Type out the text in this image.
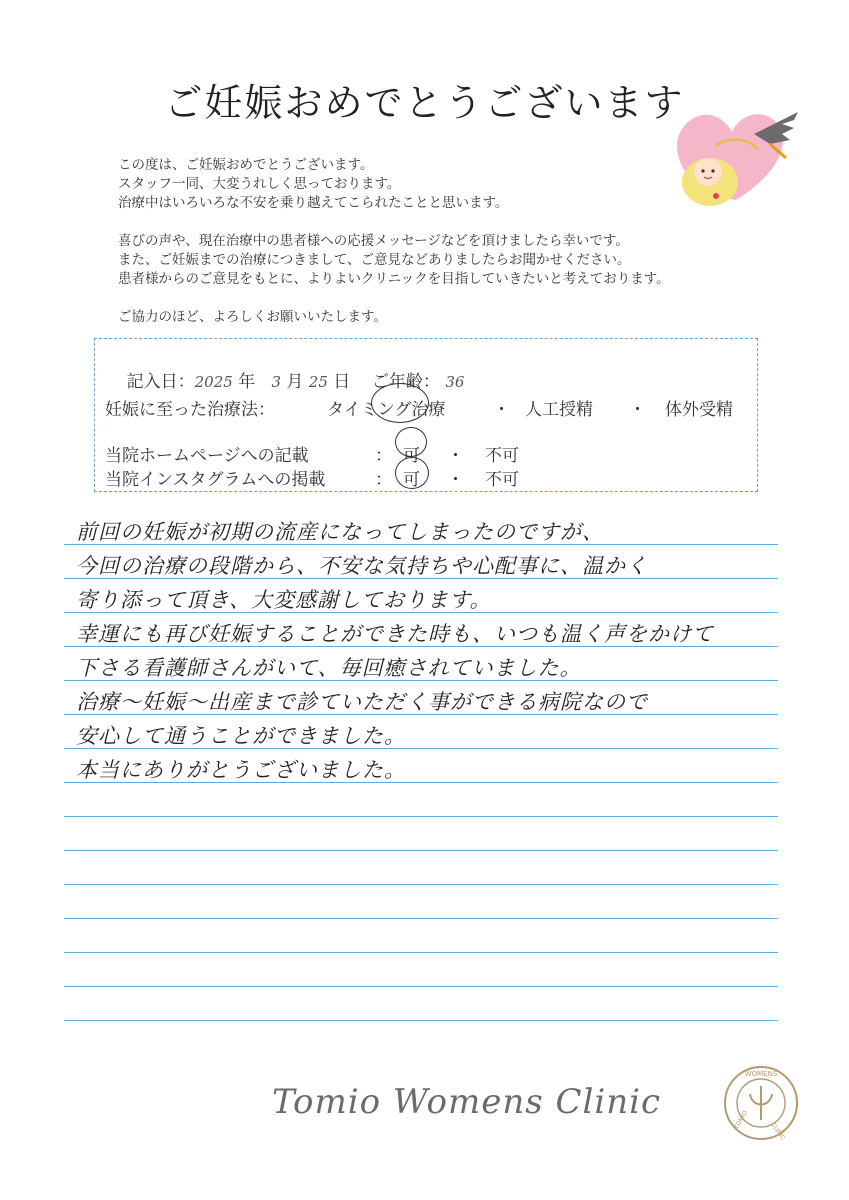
ご妊娠おめでとうございます

この度は、ご妊娠おめでとうございます。
スタッフ一同、大変うれしく思っております。
治療中はいろいろな不安を乗り越えてこられたことと思います。

喜びの声や、現在治療中の患者様への応援メッセージなどを頂けましたら幸いです。
また、ご妊娠までの治療につきまして、ご意見などありましたらお聞かせください。
患者様からのご意見をもとに、よりよいクリニックを目指していきたいと考えております。

ご協力のほど、よろしくお願いいたします。

記入日：2025 年 3 月 25 日 ご年齢： 36

妊娠に至った治療法：	タイミング治療	・ 人工授精 ・ 体外受精
当院ホームページへの記載	： 可 ・ 不可
当院インスタグラムへの掲載	： 可 ・ 不可
前回の妊娠が初期の流産になってしまったのですが、
今回の治療の段階から、不安な気持ちや心配事に、温かく
寄り添って頂き、大変感謝しております。
幸運にも再び妊娠することができた時も、いつも温く声をかけて
下さる看護師さんがいて、毎回癒されていました。
治療〜妊娠〜出産まで診ていただく事ができる病院なので
安心して通うことができました。
本当にありがとうございました。
Tomio Womens Clinic
WOMENS
TOMIO
CLINIC
